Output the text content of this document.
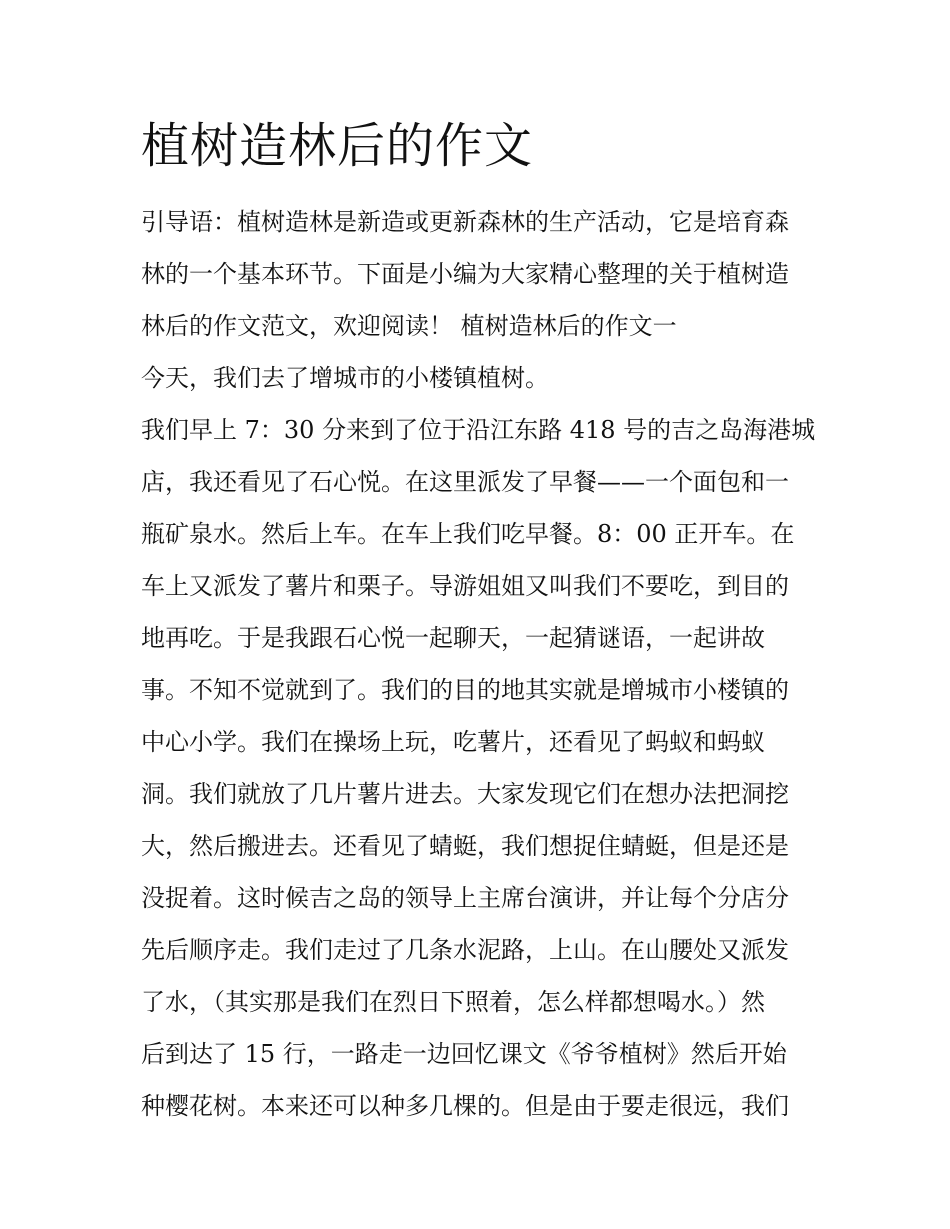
植树造林后的作文
引导语：植树造林是新造或更新森林的生产活动，它是培育森
林的一个基本环节。下面是小编为大家精心整理的关于植树造
林后的作文范文，欢迎阅读！ 植树造林后的作文一
今天，我们去了增城市的小楼镇植树。
我们早上 7：30 分来到了位于沿江东路 418 号的吉之岛海港城
店，我还看见了石心悦。在这里派发了早餐——一个面包和一
瓶矿泉水。然后上车。在车上我们吃早餐。8：00 正开车。在
车上又派发了薯片和栗子。导游姐姐又叫我们不要吃，到目的
地再吃。于是我跟石心悦一起聊天，一起猜谜语，一起讲故
事。不知不觉就到了。我们的目的地其实就是增城市小楼镇的
中心小学。我们在操场上玩，吃薯片，还看见了蚂蚁和蚂蚁
洞。我们就放了几片薯片进去。大家发现它们在想办法把洞挖
大，然后搬进去。还看见了蜻蜓，我们想捉住蜻蜓，但是还是
没捉着。这时候吉之岛的领导上主席台演讲，并让每个分店分
先后顺序走。我们走过了几条水泥路，上山。在山腰处又派发
了水，（其实那是我们在烈日下照着，怎么样都想喝水。）然
后到达了 15 行，一路走一边回忆课文《爷爷植树》然后开始
种樱花树。本来还可以种多几棵的。但是由于要走很远，我们
